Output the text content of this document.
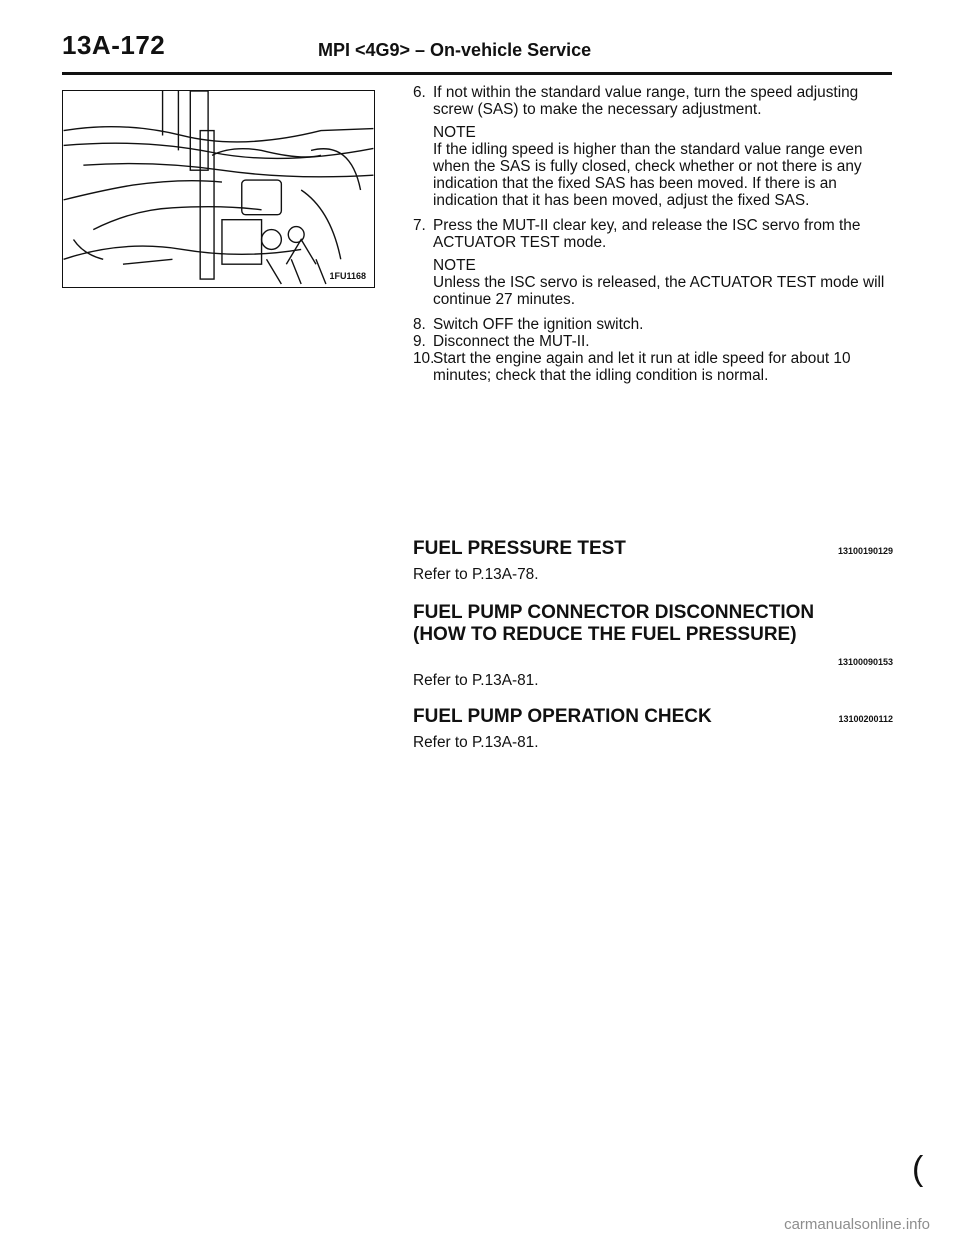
13A-172	MPI <4G9> – On-vehicle Service
1FU1168
6. If not within the standard value range, turn the speed adjusting screw (SAS) to make the necessary adjustment.
NOTE
If the idling speed is higher than the standard value range even when the SAS is fully closed, check whether or not there is any indication that the fixed SAS has been moved. If there is an indication that it has been moved, adjust the fixed SAS.
7. Press the MUT-II clear key, and release the ISC servo from the ACTUATOR TEST mode.
NOTE
Unless the ISC servo is released, the ACTUATOR TEST mode will continue 27 minutes.
8. Switch OFF the ignition switch.
9. Disconnect the MUT-II.
10.
Start the engine again and let it run at idle speed for about 10 minutes; check that the idling condition is normal.
FUEL PRESSURE TEST	13100190129
Refer to P.13A-78.
FUEL PUMP CONNECTOR DISCONNECTION (HOW TO REDUCE THE FUEL PRESSURE)
13100090153
Refer to P.13A-81.
FUEL PUMP OPERATION CHECK	13100200112
Refer to P.13A-81.
(
carmanualsonline.info
